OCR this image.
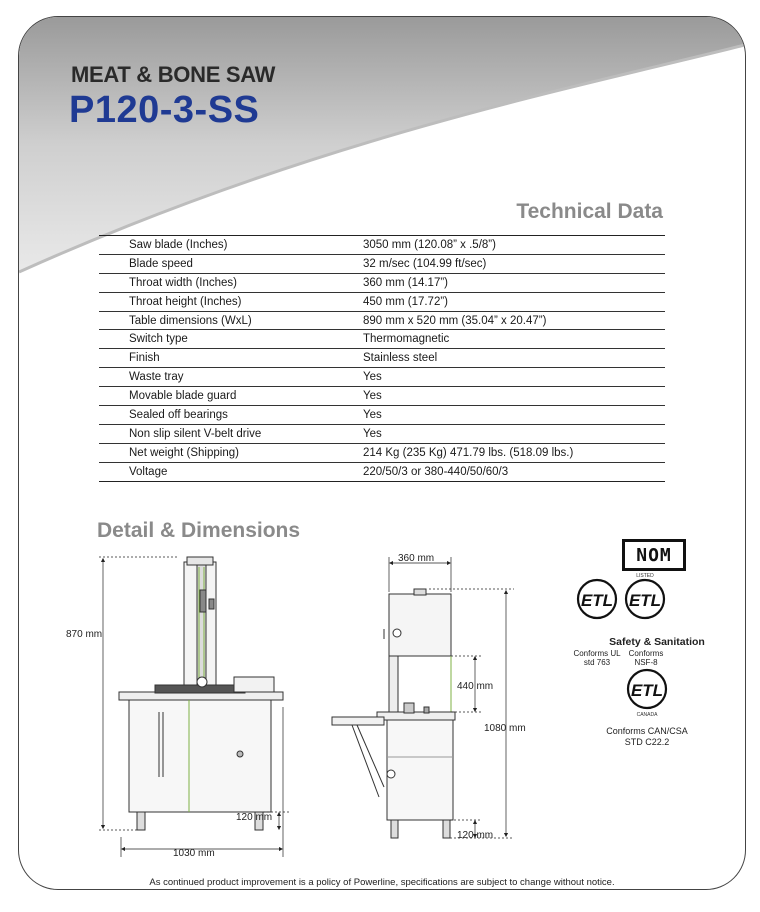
MEAT & BONE SAW
P120-3-SS
Technical Data
Saw blade (Inches)	3050 mm (120.08” x .5/8”)
Blade speed	32 m/sec (104.99 ft/sec)
Throat width (Inches)	360 mm (14.17”)
Throat height (Inches)	450 mm (17.72”)
Table dimensions (WxL)	890 mm x 520 mm (35.04” x 20.47”)
Switch type	Thermomagnetic
Finish	Stainless steel
Waste tray	Yes
Movable blade guard	Yes
Sealed off bearings	Yes
Non slip silent V-belt drive	Yes
Net weight (Shipping)	214 Kg (235 Kg) 471.79 lbs. (518.09 lbs.)
Voltage	220/50/3 or 380-440/50/60/3
Detail & Dimensions
870 mm
1030 mm
120 mm
360 mm
440 mm
1080 mm
120 mm
ETL ETL
LISTED
ETL
CANADA
NOM
Safety & Sanitation
Conforms UL
std 763
Conforms
NSF-8
Conforms CAN/CSA
STD C22.2

As continued product improvement is a policy of Powerline, specifications are subject to change without notice.
